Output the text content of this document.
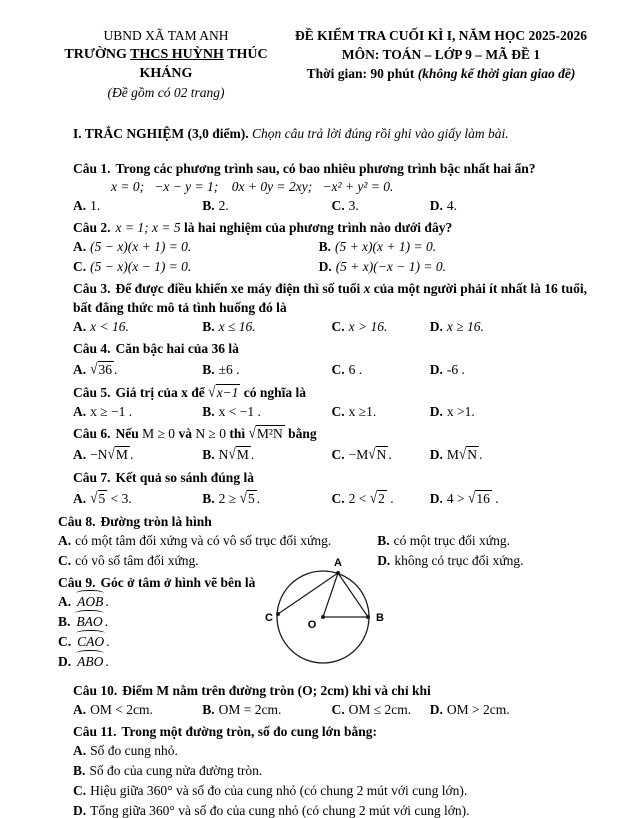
UBND XÃ TAM ANH
TRƯỜNG THCS HUỲNH THÚC KHÁNG
(Đề gồm có 02 trang)
ĐỀ KIỂM TRA CUỐI KÌ I, NĂM HỌC 2025-2026
MÔN: TOÁN – LỚP 9 – MÃ ĐỀ 1
Thời gian: 90 phút (không kể thời gian giao đề)
I. TRẮC NGHIỆM (3,0 điểm). Chọn câu trả lời đúng rồi ghi vào giấy làm bài.
Câu 1. Trong các phương trình sau, có bao nhiêu phương trình bậc nhất hai ẩn?
x = 0;   −x − y = 1;    0x + 0y = 2xy;   −x² + y² = 0.
A. 1.	B. 2.	C. 3.	D. 4.
Câu 2. x = 1; x = 5 là hai nghiệm của phương trình nào dưới đây?
A. (5 − x)(x + 1) = 0.	B. (5 + x)(x + 1) = 0.
C. (5 − x)(x − 1) = 0.	D. (5 + x)(−x − 1) = 0.
Câu 3. Để được điều khiển xe máy điện thì số tuổi x của một người phải ít nhất là 16 tuổi, bất đẳng thức mô tả tình huống đó là
A. x < 16.	B. x ≤ 16.	C. x > 16.	D. x ≥ 16.
Câu 4. Căn bậc hai của 36 là
A. √36 .	B. ±6 .	C. 6 .	D. -6 .
Câu 5. Giá trị của x để √x−1 có nghĩa là
A. x ≥ −1 .	B. x < −1 .	C. x ≥1.	D. x >1.
Câu 6. Nếu M ≥ 0 và N ≥ 0 thì √M²N bằng
A. −N√M .	B. N√M .	C. −M√N .	D. M√N .
Câu 7. Kết quả so sánh đúng là
A. √5 < 3.	B. 2 ≥ √5 .	C. 2 < √2 .	D. 4 > √16 .
Câu 8. Đường tròn là hình
A. có một tâm đối xứng và có vô số trục đối xứng.	B. có một trục đối xứng.
C. có vô số tâm đối xứng.	D. không có trục đối xứng.
Câu 9. Góc ở tâm ở hình vẽ bên là
A. AOB .
B. BAO .
C. CAO .
D. ABO .
A
B
C
O
Câu 10. Điểm M nằm trên đường tròn (O; 2cm) khi và chỉ khi
A. OM < 2cm.	B. OM = 2cm.	C. OM ≤ 2cm.	D. OM > 2cm.
Câu 11. Trong một đường tròn, số đo cung lớn bằng:
A. Số đo cung nhỏ.
B. Số đo của cung nửa đường tròn.
C. Hiệu giữa 360° và số đo của cung nhỏ (có chung 2 mút với cung lớn).
D. Tổng giữa 360° và số đo của cung nhỏ (có chung 2 mút với cung lớn).
